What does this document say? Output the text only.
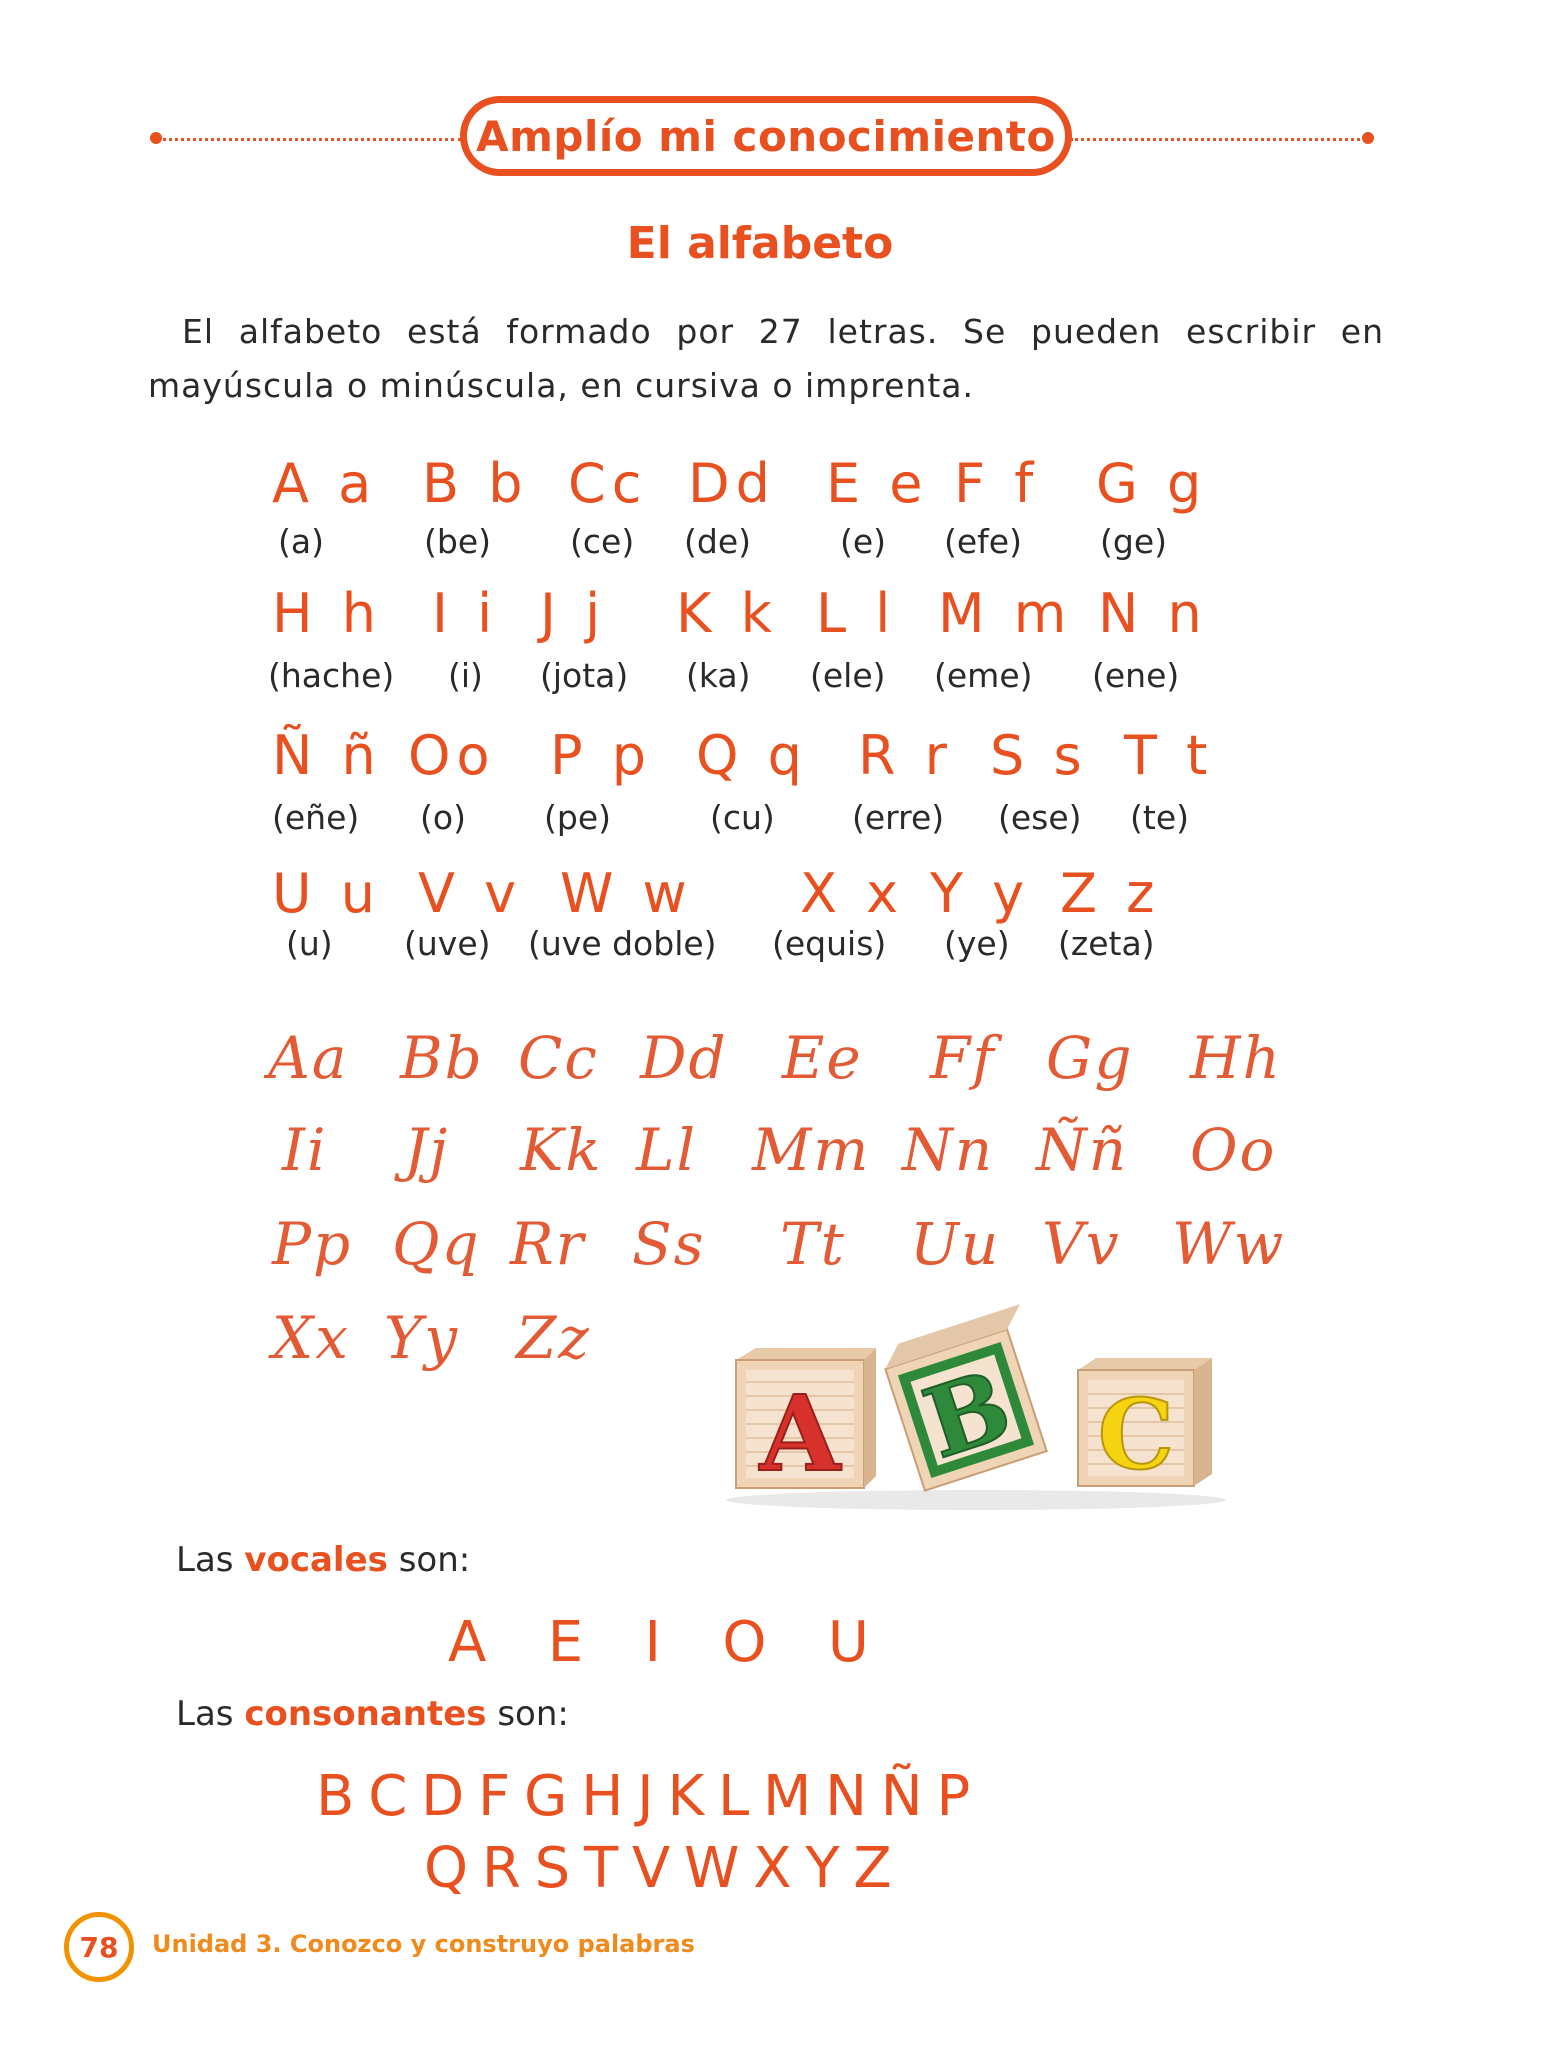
Amplío mi conocimiento
El alfabeto
El alfabeto está formado por 27 letras. Se pueden escribir en mayúscula o minúscula, en cursiva o imprenta.
A a B b Cc Dd E e F f G g
(a)	(be) (ce) (de)	(e) (efe) (ge)
H h I i J j K k L l M m N n
(hache) (i) (jota) (ka) (ele) (eme) (ene)
Ñ ñ Oo P p Q q R r S s T t
(eñe) (o) (pe)	(cu) (erre) (ese) (te)
U u V v W w X x Y y Z z
(u) (uve) (uve doble) (equis) (ye) (zeta)
Aa Bb Cc Dd Ee Ff Gg Hh
Ii Jj Kk Ll Mm Nn Ññ Oo
Pp Qq Rr Ss Tt Uu Vv Ww
Xx Yy Zz
A B C
Las vocales son:
A   E   I   O   U
Las consonantes son:
B C D F G H J K L M N Ñ P
Q R S T V W X Y Z
78 Unidad 3. Conozco y construyo palabras
